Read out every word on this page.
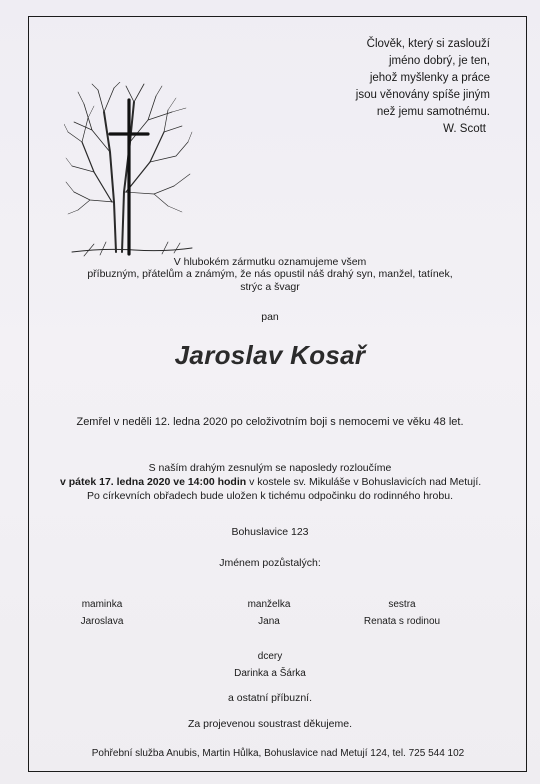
Člověk, který si zaslouží
jméno dobrý, je ten,
jehož myšlenky a práce
jsou věnovány spíše jiným
než jemu samotnému.
W. Scott
V hlubokém zármutku oznamujeme všem
příbuzným, přátelům a známým, že nás opustil náš drahý syn, manžel, tatínek,
strýc a švagr
pan
Jaroslav Kosař
Zemřel v neděli 12. ledna 2020 po celoživotním boji s nemocemi ve věku 48 let.
S naším drahým zesnulým se naposledy rozloučíme
v pátek 17. ledna 2020 ve 14:00 hodin v kostele sv. Mikuláše v Bohuslavicích nad Metují.
Po církevních obřadech bude uložen k tichému odpočinku do rodinného hrobu.
Bohuslavice 123
Jménem pozůstalých:
maminka
Jaroslava
manželka
Jana
sestra
Renata s rodinou
dcery
Darinka a Šárka
a ostatní příbuzní.
Za projevenou soustrast děkujeme.
Pohřební služba Anubis, Martin Hůlka, Bohuslavice nad Metují 124, tel. 725 544 102
